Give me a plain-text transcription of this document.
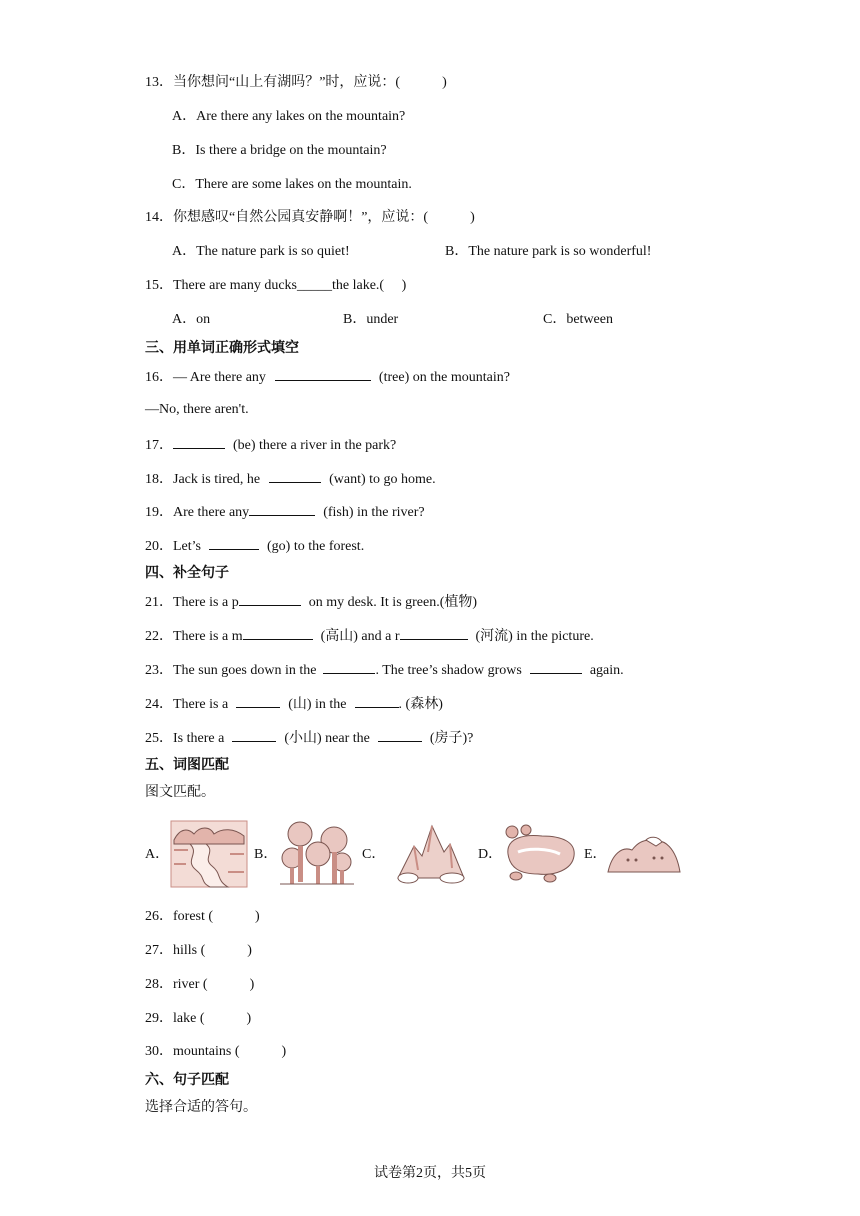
13．当你想问“山上有湖吗？”时，应说：(　　　)
A．Are there any lakes on the mountain?
B．Is there a bridge on the mountain?
C．There are some lakes on the mountain.
14．你想感叹“自然公园真安静啊！”，应说：(　　　)
A．The nature park is so quiet!	B．The nature park is so wonderful!
15．There are many ducks_____the lake.(　 )
A．on	B．under	C．between
三、用单词正确形式填空
16．— Are there any	(tree) on the mountain?
—No, there aren't.
17．	(be) there a river in the park?
18．Jack is tired, he	(want) to go home.
19．Are there any	(fish) in the river?
20．Let’s	(go) to the forest.
四、补全句子
21．There is a p	on my desk. It is green.(植物)
22．There is a m	(高山) and a r	(河流) in the picture.
23．The sun goes down in the	. The tree’s shadow grows	again.
24．There is a	(山) in the	. (森林)
25．Is there a	(小山) near the	(房子)?
五、词图匹配
图文匹配。
A．	B．	C．	D．	E．
26．forest (　　　)
27．hills (　　　)
28．river (　　　)
29．lake (　　　)
30．mountains (　　　)
六、句子匹配
选择合适的答句。
试卷第2页，共5页
